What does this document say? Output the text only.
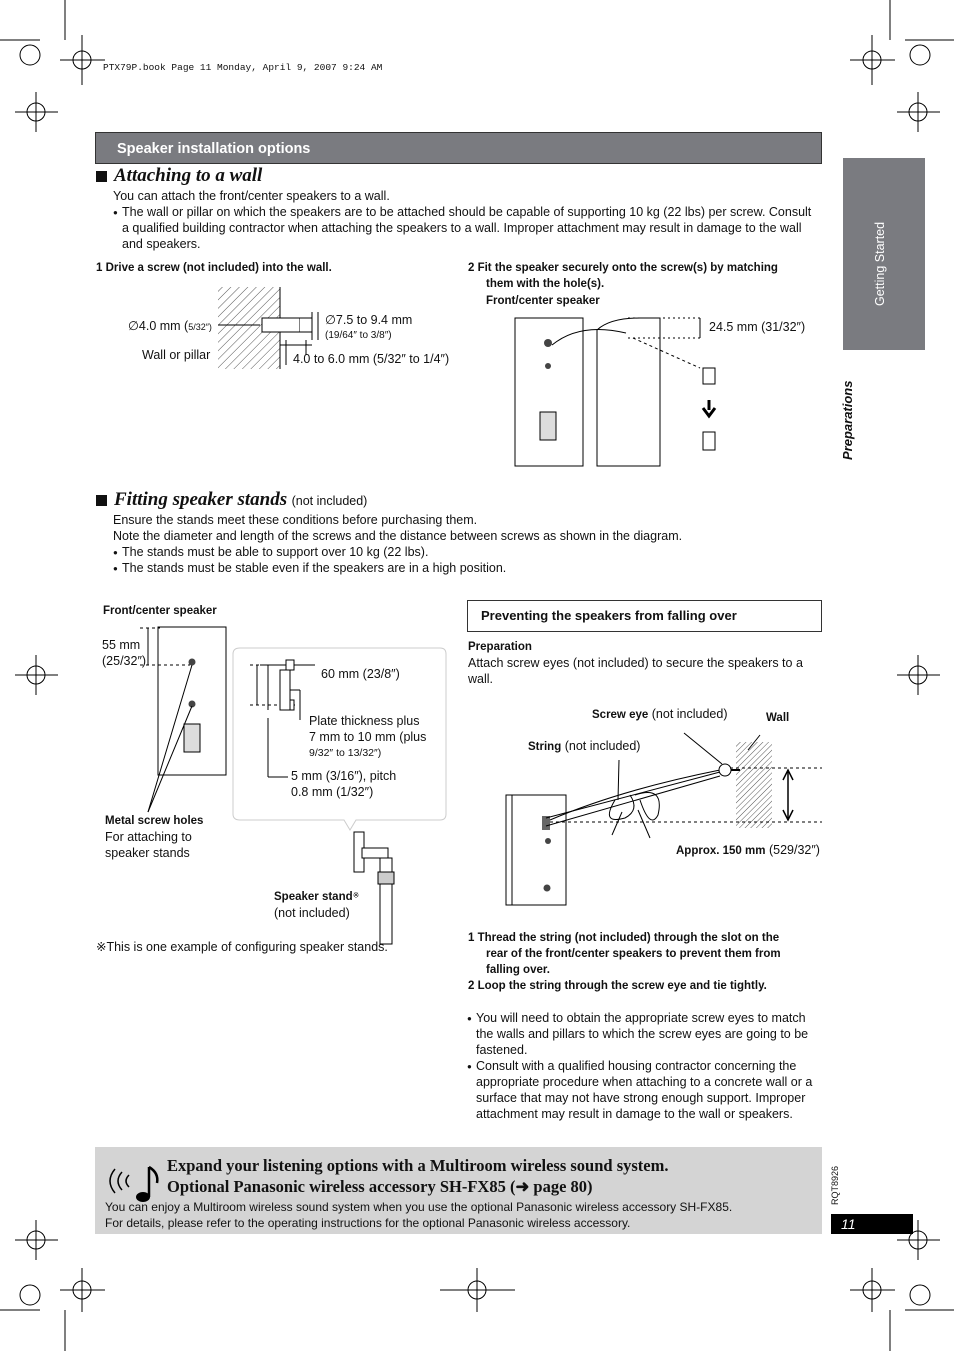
PTX79P.book Page 11 Monday, April 9, 2007 9:24 AM
Speaker installation options
Getting Started
Preparations
Attaching to a wall
You can attach the front/center speakers to a wall.
● The wall or pillar on which the speakers are to be attached should be capable of supporting 10 kg (22 lbs) per screw. Consult
a qualified building contractor when attaching the speakers to a wall. Improper attachment may result in damage to the wall
and speakers.
1 Drive a screw (not included) into the wall.	2 Fit the speaker securely onto the screw(s) by matching
them with the hole(s).
Front/center speaker
∅4.0 mm (5/32″)	∅7.5 to 9.4 mm
(19/64″ to 3/8″)
Wall or pillar	4.0 to 6.0 mm (5/32″ to 1/4″)
24.5 mm (31/32″)
Fitting speaker stands (not included)
Ensure the stands meet these conditions before purchasing them.
Note the diameter and length of the screws and the distance between screws as shown in the diagram.
● The stands must be able to support over 10 kg (22 lbs).
● The stands must be stable even if the speakers are in a high position.
Front/center speaker
55 mm
(25/32″)
60 mm (23/8″)
Plate thickness plus
7 mm to 10 mm (plus
9/32″ to 13/32″)
5 mm (3/16″), pitch
0.8 mm (1/32″)
Metal screw holes
For attaching to
speaker stands
Speaker stand※
(not included)
※This is one example of configuring speaker stands.
Preventing the speakers from falling over
Preparation
Attach screw eyes (not included) to secure the speakers to a
wall.
Screw eye (not included)	Wall
String (not included)
Approx. 150 mm (529/32″)
1 Thread the string (not included) through the slot on the
rear of the front/center speakers to prevent them from
falling over.
2 Loop the string through the screw eye and tie tightly.
● You will need to obtain the appropriate screw eyes to match
the walls and pillars to which the screw eyes are going to be
fastened.
● Consult with a qualified housing contractor concerning the
appropriate procedure when attaching to a concrete wall or a
surface that may not have strong enough support. Improper
attachment may result in damage to the wall or speakers.
Expand your listening options with a Multiroom wireless sound system.
Optional Panasonic wireless accessory SH-FX85 (➜ page 80)
You can enjoy a Multiroom wireless sound system when you use the optional Panasonic wireless accessory SH-FX85.
For details, please refer to the operating instructions for the optional Panasonic wireless accessory.
RQT8926
11
